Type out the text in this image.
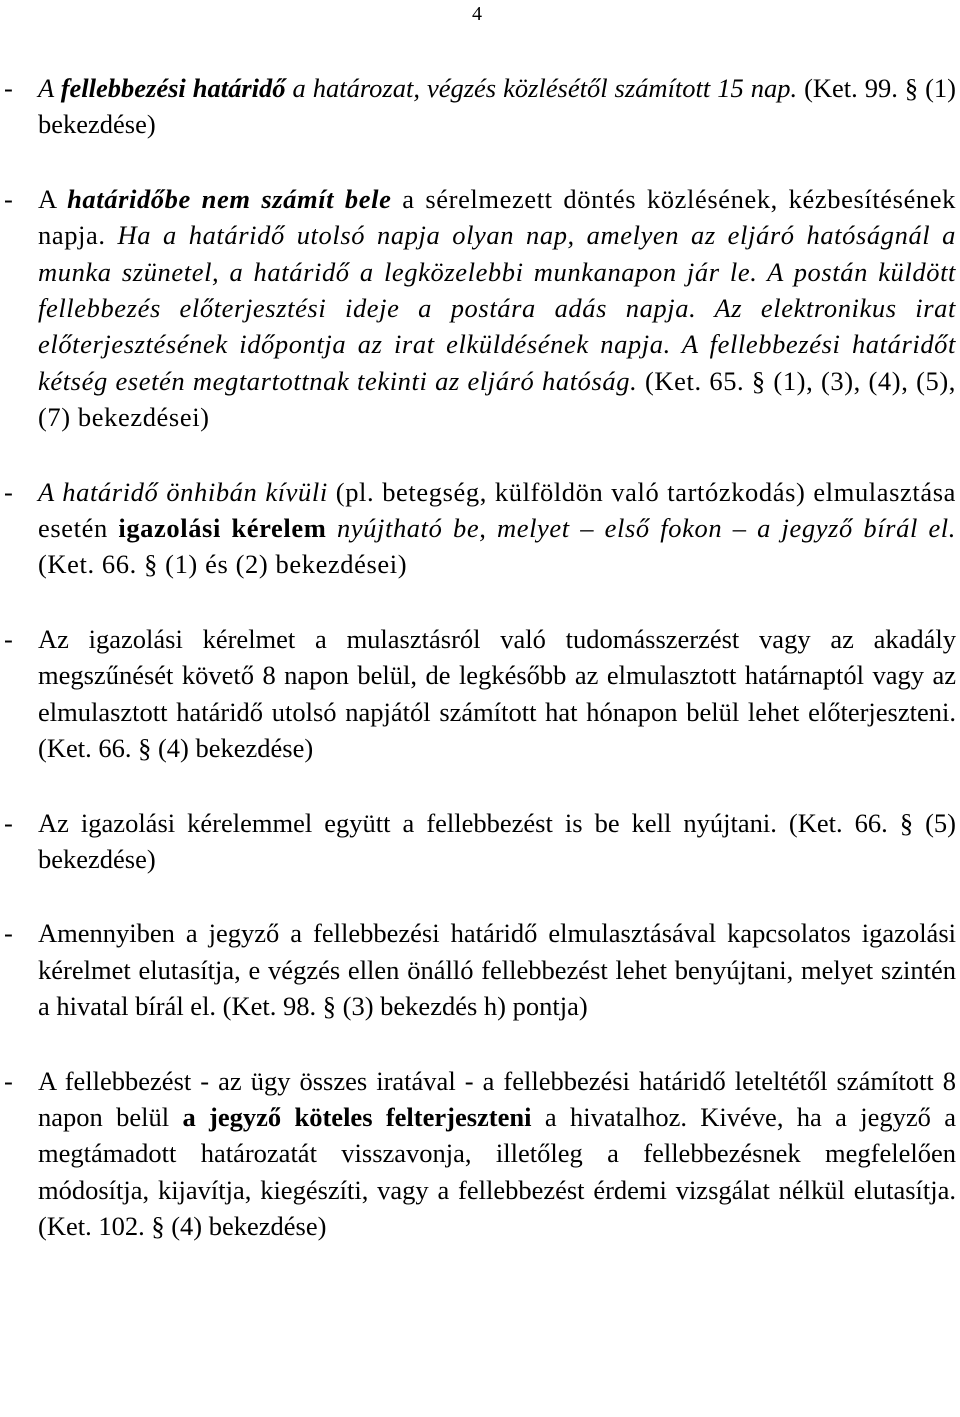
4
- A fellebbezési határidő a határozat, végzés közlésétől számított 15 nap. (Ket. 99. § (1) bekezdése)
- A határidőbe nem számít bele a sérelmezett döntés közlésének, kézbesítésének napja. Ha a határidő utolsó napja olyan nap, amelyen az eljáró hatóságnál a munka szünetel, a határidő a legközelebbi munkanapon jár le. A postán küldött fellebbezés előterjesztési ideje a postára adás napja. Az elektronikus irat előterjesztésének időpontja az irat elküldésének napja. A fellebbezési határidőt kétség esetén megtartottnak tekinti az eljáró hatóság. (Ket. 65. § (1), (3), (4), (5), (7) bekezdései)
- A határidő önhibán kívüli (pl. betegség, külföldön való tartózkodás) elmulasztása esetén igazolási kérelem nyújtható be, melyet – első fokon – a jegyző bírál el. (Ket. 66. § (1) és (2) bekezdései)
- Az igazolási kérelmet a mulasztásról való tudomásszerzést vagy az akadály megszűnését követő 8 napon belül, de legkésőbb az elmulasztott határnaptól vagy az elmulasztott határidő utolsó napjától számított hat hónapon belül lehet előterjeszteni. (Ket. 66. § (4) bekezdése)
- Az igazolási kérelemmel együtt a fellebbezést is be kell nyújtani. (Ket. 66. § (5) bekezdése)
- Amennyiben a jegyző a fellebbezési határidő elmulasztásával kapcsolatos igazolási kérelmet elutasítja, e végzés ellen önálló fellebbezést lehet benyújtani, melyet szintén a hivatal bírál el. (Ket. 98. § (3) bekezdés h) pontja)
- A fellebbezést - az ügy összes iratával - a fellebbezési határidő leteltétől számított 8 napon belül a jegyző köteles felterjeszteni a hivatalhoz. Kivéve, ha a jegyző a megtámadott határozatát visszavonja, illetőleg a fellebbezésnek megfelelően módosítja, kijavítja, kiegészíti, vagy a fellebbezést érdemi vizsgálat nélkül elutasítja. (Ket. 102. § (4) bekezdése)
